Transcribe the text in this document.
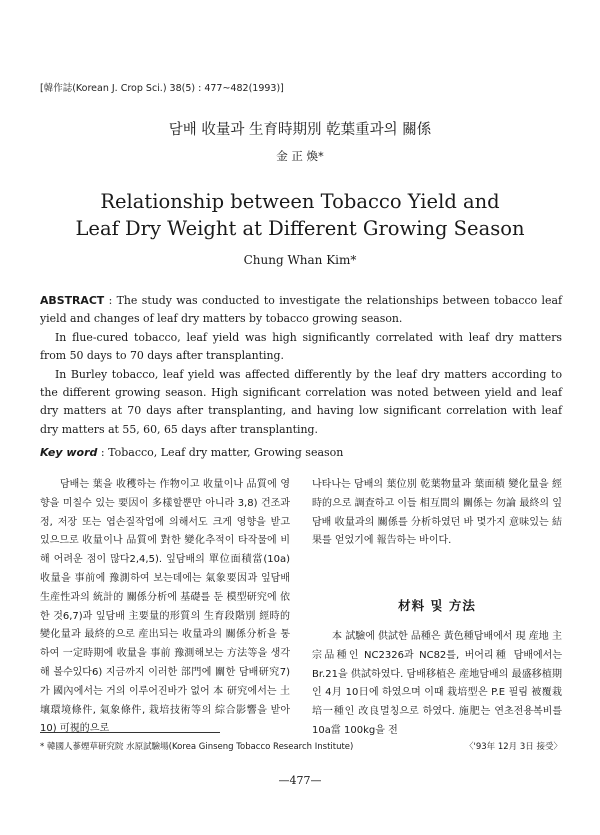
[韓作誌(Korean J. Crop Sci.) 38(5) : 477~482(1993)]
담배 收量과 生育時期別 乾葉重과의 關係
金 正 煥*
Relationship between Tobacco Yield and
Leaf Dry Weight at Different Growing Season
Chung Whan Kim*

ABSTRACT : The study was conducted to investigate the relationships between tobacco leaf yield and changes of leaf dry matters by tobacco growing season.

In flue-cured tobacco, leaf yield was high significantly correlated with leaf dry matters from 50 days to 70 days after transplanting.

In Burley tobacco, leaf yield was affected differently by the leaf dry matters according to the different growing season. High significant correlation was noted between yield and leaf dry matters at 70 days after transplanting, and having low significant correlation with leaf dry matters at 55, 60, 65 days after transplanting.

Key word : Tobacco, Leaf dry matter, Growing season

담배는 葉을 收穫하는 作物이고 收量이나 品質에 영향을 미칠수 있는 要因이 多樣할뿐만 아니라 3,8) 건조과정, 저장 또는 엽손질작업에 의해서도 크게 영향을 받고 있으므로 收量이나 品質에 對한 變化추적이 타작물에 비해 어려운 점이 많다2,4,5). 잎담배의 單位面積當(10a) 收量을 事前에 豫測하여 보는데에는 氣象要因과 잎담배 生産性과의 統計的 關係分析에 基礎를 둔 模型研究에 依한 것6,7)과 잎담배 主要量的形質의 生育段階別 經時的 變化量과 最終的으로 産出되는 收量과의 關係分析을 통하여 一定時期에 收量을 事前 豫測해보는 方法等을 생각해 볼수있다6) 지금까지 이러한 部門에 關한 담배研究7)가 國內에서는 거의 이루어진바가 없어 本 研究에서는 土壤環境條件, 氣象條件, 栽培技術等의 綜合影響을 받아10) 可視的으로

나타나는 담배의 葉位別 乾葉物量과 葉面積 變化量을 經時的으로 調査하고 이들 相互間의 關係는 勿論 最終의 잎담배 收量과의 關係를 分析하였던 바 몇가지 意味있는 結果를 얻었기에 報告하는 바이다.

材料 및 方法

本 試驗에 供試한 品種은 黃色種담배에서 現 産地 主宗品種인 NC2326과 NC82를, 버어리種 담배에서는 Br.21을 供試하였다. 담배移植은 産地담배의 最盛移植期인 4月 10日에 하였으며 이때 栽培型은 P.E 필림 被覆栽培一種인 改良멀칭으로 하였다. 施肥는 연초전용복비를 10a當 100kg을 전

* 韓國人蔘煙草研究院 水原試驗場(Korea Ginseng Tobacco Research Institute)	〈'93年 12月 3日 接受〉
—477—
